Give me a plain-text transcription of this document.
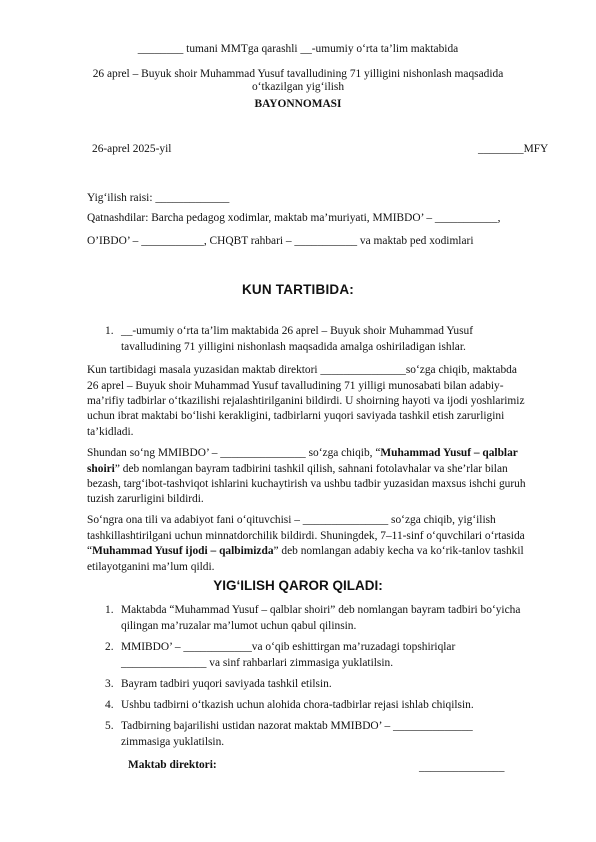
________ tumani MMTga qarashli __-umumiy o‘rta ta’lim maktabida
26 aprel – Buyuk shoir Muhammad Yusuf tavalludining 71 yilligini nishonlash maqsadida
o‘tkazilgan yig‘ilish
BAYONNOMASI
26-aprel 2025-yil	________MFY
Yig‘ilish raisi: _____________
Qatnashdilar: Barcha pedagog xodimlar, maktab ma’muriyati, MMIBDO’ – ___________,
O’IBDO’ – ___________, CHQBT rahbari – ___________ va maktab ped xodimlari
KUN TARTIBIDA:
1. __-umumiy o‘rta ta’lim maktabida 26 aprel – Buyuk shoir Muhammad Yusuf
tavalludining 71 yilligini nishonlash maqsadida amalga oshiriladigan ishlar.
Kun tartibidagi masala yuzasidan maktab direktori _______________so‘zga chiqib, maktabda
26 aprel – Buyuk shoir Muhammad Yusuf tavalludining 71 yilligi munosabati bilan adabiy-
ma’rifiy tadbirlar o‘tkazilishi rejalashtirilganini bildirdi. U shoirning hayoti va ijodi yoshlarimiz
uchun ibrat maktabi bo‘lishi kerakligini, tadbirlarni yuqori saviyada tashkil etish zarurligini
ta’kidladi.
Shundan so‘ng MMIBDO’ – _______________ so‘zga chiqib, “Muhammad Yusuf – qalblar
shoiri” deb nomlangan bayram tadbirini tashkil qilish, sahnani fotolavhalar va she’rlar bilan
bezash, targ‘ibot-tashviqot ishlarini kuchaytirish va ushbu tadbir yuzasidan maxsus ishchi guruh
tuzish zarurligini bildirdi.
So‘ngra ona tili va adabiyot fani o‘qituvchisi – _______________ so‘zga chiqib, yig‘ilish
tashkillashtirilgani uchun minnatdorchilik bildirdi. Shuningdek, 7–11-sinf o‘quvchilari o‘rtasida
“Muhammad Yusuf ijodi – qalbimizda” deb nomlangan adabiy kecha va ko‘rik-tanlov tashkil
etilayotganini ma’lum qildi.
YIG‘ILISH QAROR QILADI:
1. Maktabda “Muhammad Yusuf – qalblar shoiri” deb nomlangan bayram tadbiri bo‘yicha
qilingan ma’ruzalar ma’lumot uchun qabul qilinsin.
2. MMIBDO’ – ____________va o‘qib eshittirgan ma’ruzadagi topshiriqlar
_______________ va sinf rahbarlari zimmasiga yuklatilsin.
3. Bayram tadbiri yuqori saviyada tashkil etilsin.
4. Ushbu tadbirni o‘tkazish uchun alohida chora-tadbirlar rejasi ishlab chiqilsin.
5. Tadbirning bajarilishi ustidan nazorat maktab MMIBDO’ – ______________
zimmasiga yuklatilsin.
Maktab direktori:	_______________
